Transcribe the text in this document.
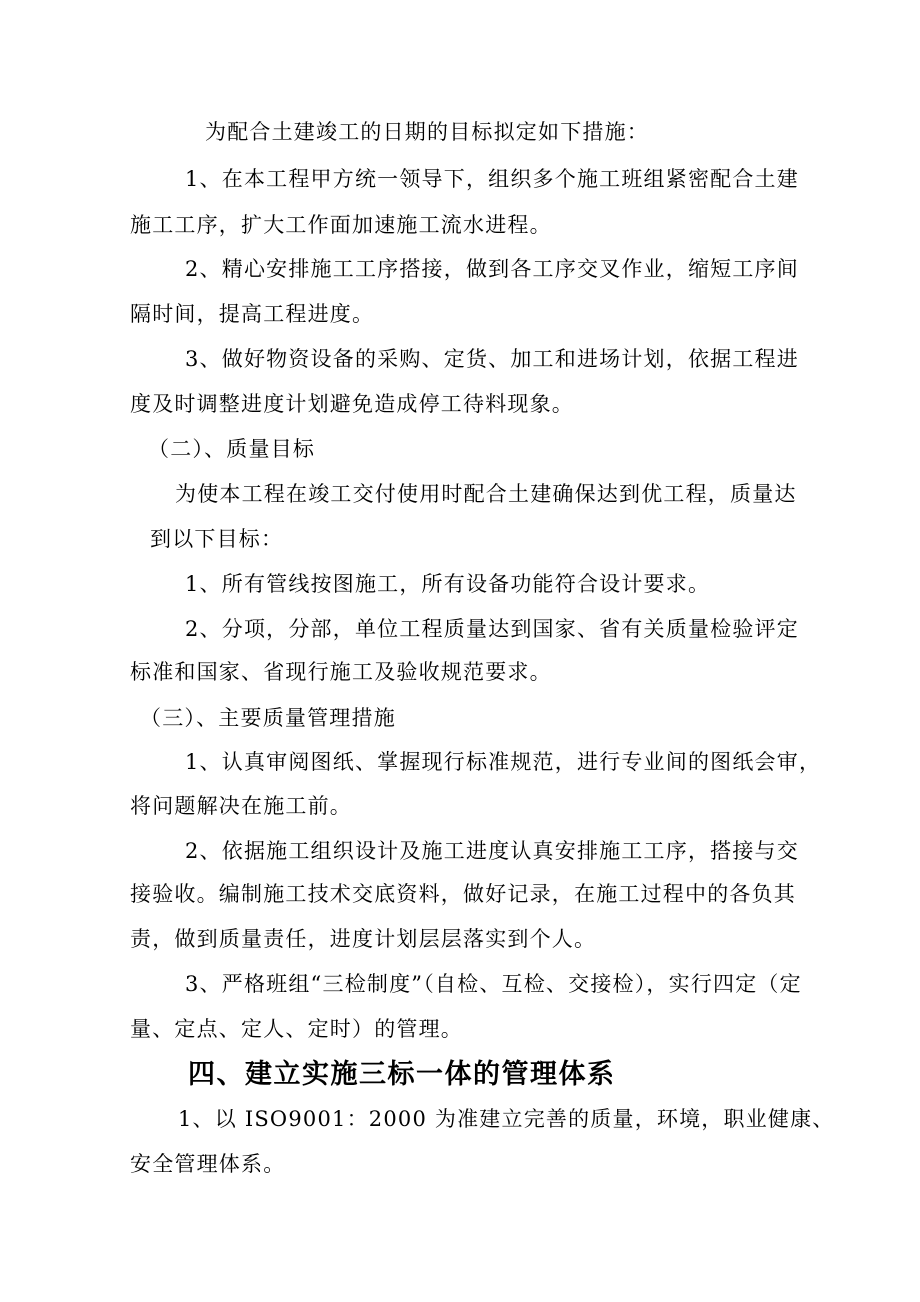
为配合土建竣工的日期的目标拟定如下措施：
1、在本工程甲方统一领导下，组织多个施工班组紧密配合土建
施工工序，扩大工作面加速施工流水进程。
2、精心安排施工工序搭接，做到各工序交叉作业，缩短工序间
隔时间，提高工程进度。
3、做好物资设备的采购、定货、加工和进场计划，依据工程进
度及时调整进度计划避免造成停工待料现象。
（二）、质量目标
为使本工程在竣工交付使用时配合土建确保达到优工程，质量达
到以下目标：
1、所有管线按图施工，所有设备功能符合设计要求。
2、分项，分部，单位工程质量达到国家、省有关质量检验评定
标准和国家、省现行施工及验收规范要求。
（三）、主要质量管理措施
1、认真审阅图纸、掌握现行标准规范，进行专业间的图纸会审，
将问题解决在施工前。
2、依据施工组织设计及施工进度认真安排施工工序，搭接与交
接验收。编制施工技术交底资料，做好记录，在施工过程中的各负其
责，做到质量责任，进度计划层层落实到个人。
3、严格班组“三检制度”（自检、互检、交接检），实行四定（定
量、定点、定人、定时）的管理。
四、建立实施三标一体的管理体系
1、以 ISO9001：2000 为准建立完善的质量，环境，职业健康、
安全管理体系。
